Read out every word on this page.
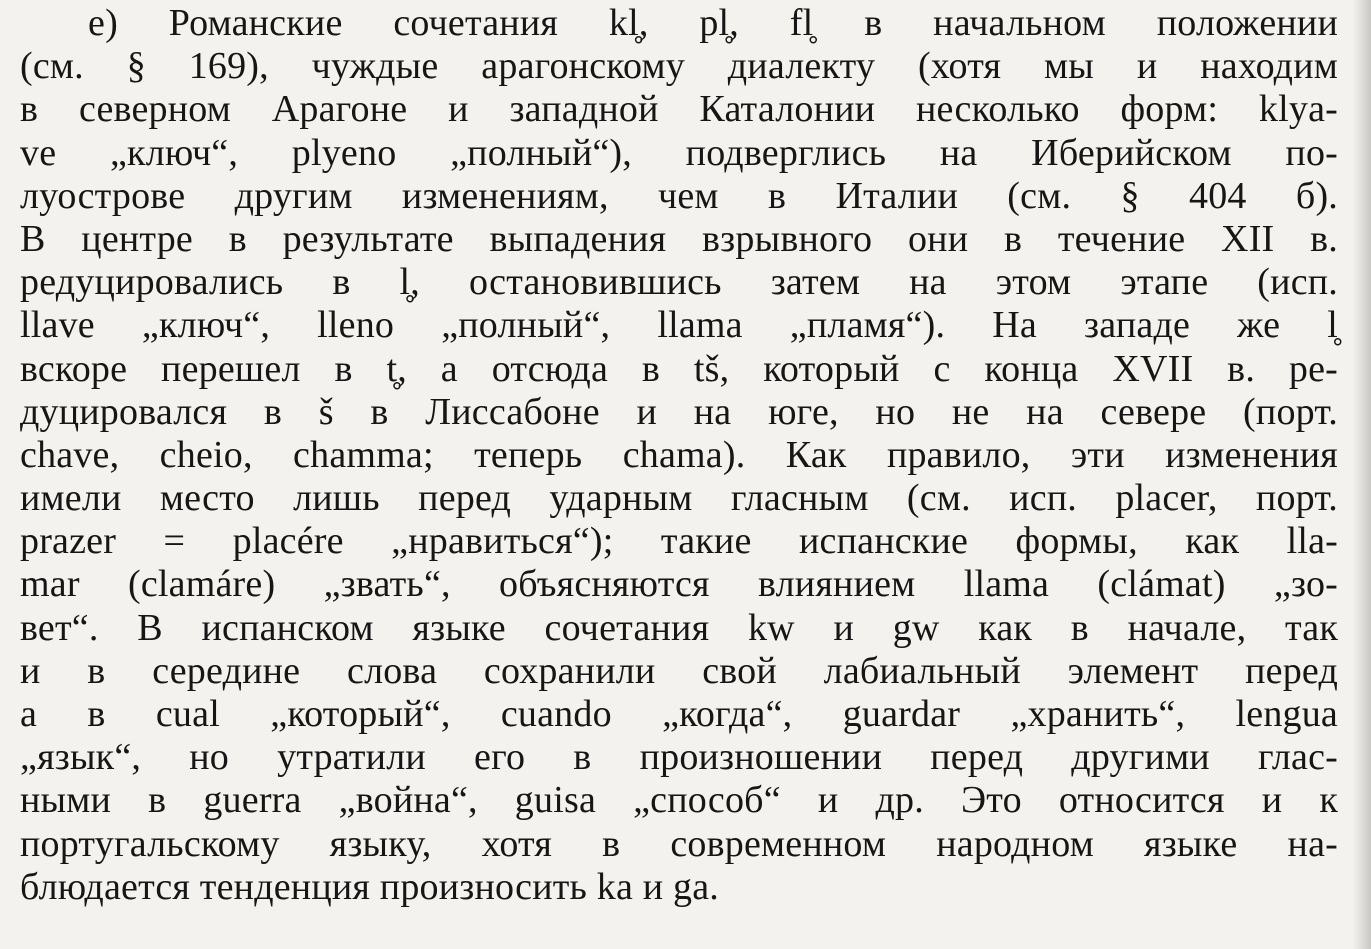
е) Романские сочетания kl̥, pl̥, fl̥ в начальном положении
(см. § 169), чуждые арагонскому диалекту (хотя мы и находим
в северном Арагоне и западной Каталонии несколько форм: klya-
ve „ключ“, plyeno „полный“), подверглись на Иберийском по-
луострове другим изменениям, чем в Италии (см. § 404 б).
В центре в результате выпадения взрывного они в течение XII в.
редуцировались в l̥, остановившись затем на этом этапе (исп.
llave „ключ“, lleno „полный“, llama „пламя“). На западе же l̥
вскоре перешел в t̥, а отсюда в tš, который с конца XVII в. ре-
дуцировался в š в Лиссабоне и на юге, но не на севере (порт.
chave, cheio, chamma; теперь chama). Как правило, эти изменения
имели место лишь перед ударным гласным (см. исп. placer, порт.
prazer = placére „нравиться“); такие испанские формы, как lla-
mar (clamáre) „звать“, объясняются влиянием llama (clámat) „зо-
вет“. В испанском языке сочетания kw и gw как в начале, так
и в середине слова сохранили свой лабиальный элемент перед
a в cual „который“, cuando „когда“, guardar „хранить“, lengua
„язык“, но утратили его в произношении перед другими глас-
ными в guerra „война“, guisa „способ“ и др. Это относится и к
португальскому языку, хотя в современном народном языке на-
блюдается тенденция произносить ka и ga.
